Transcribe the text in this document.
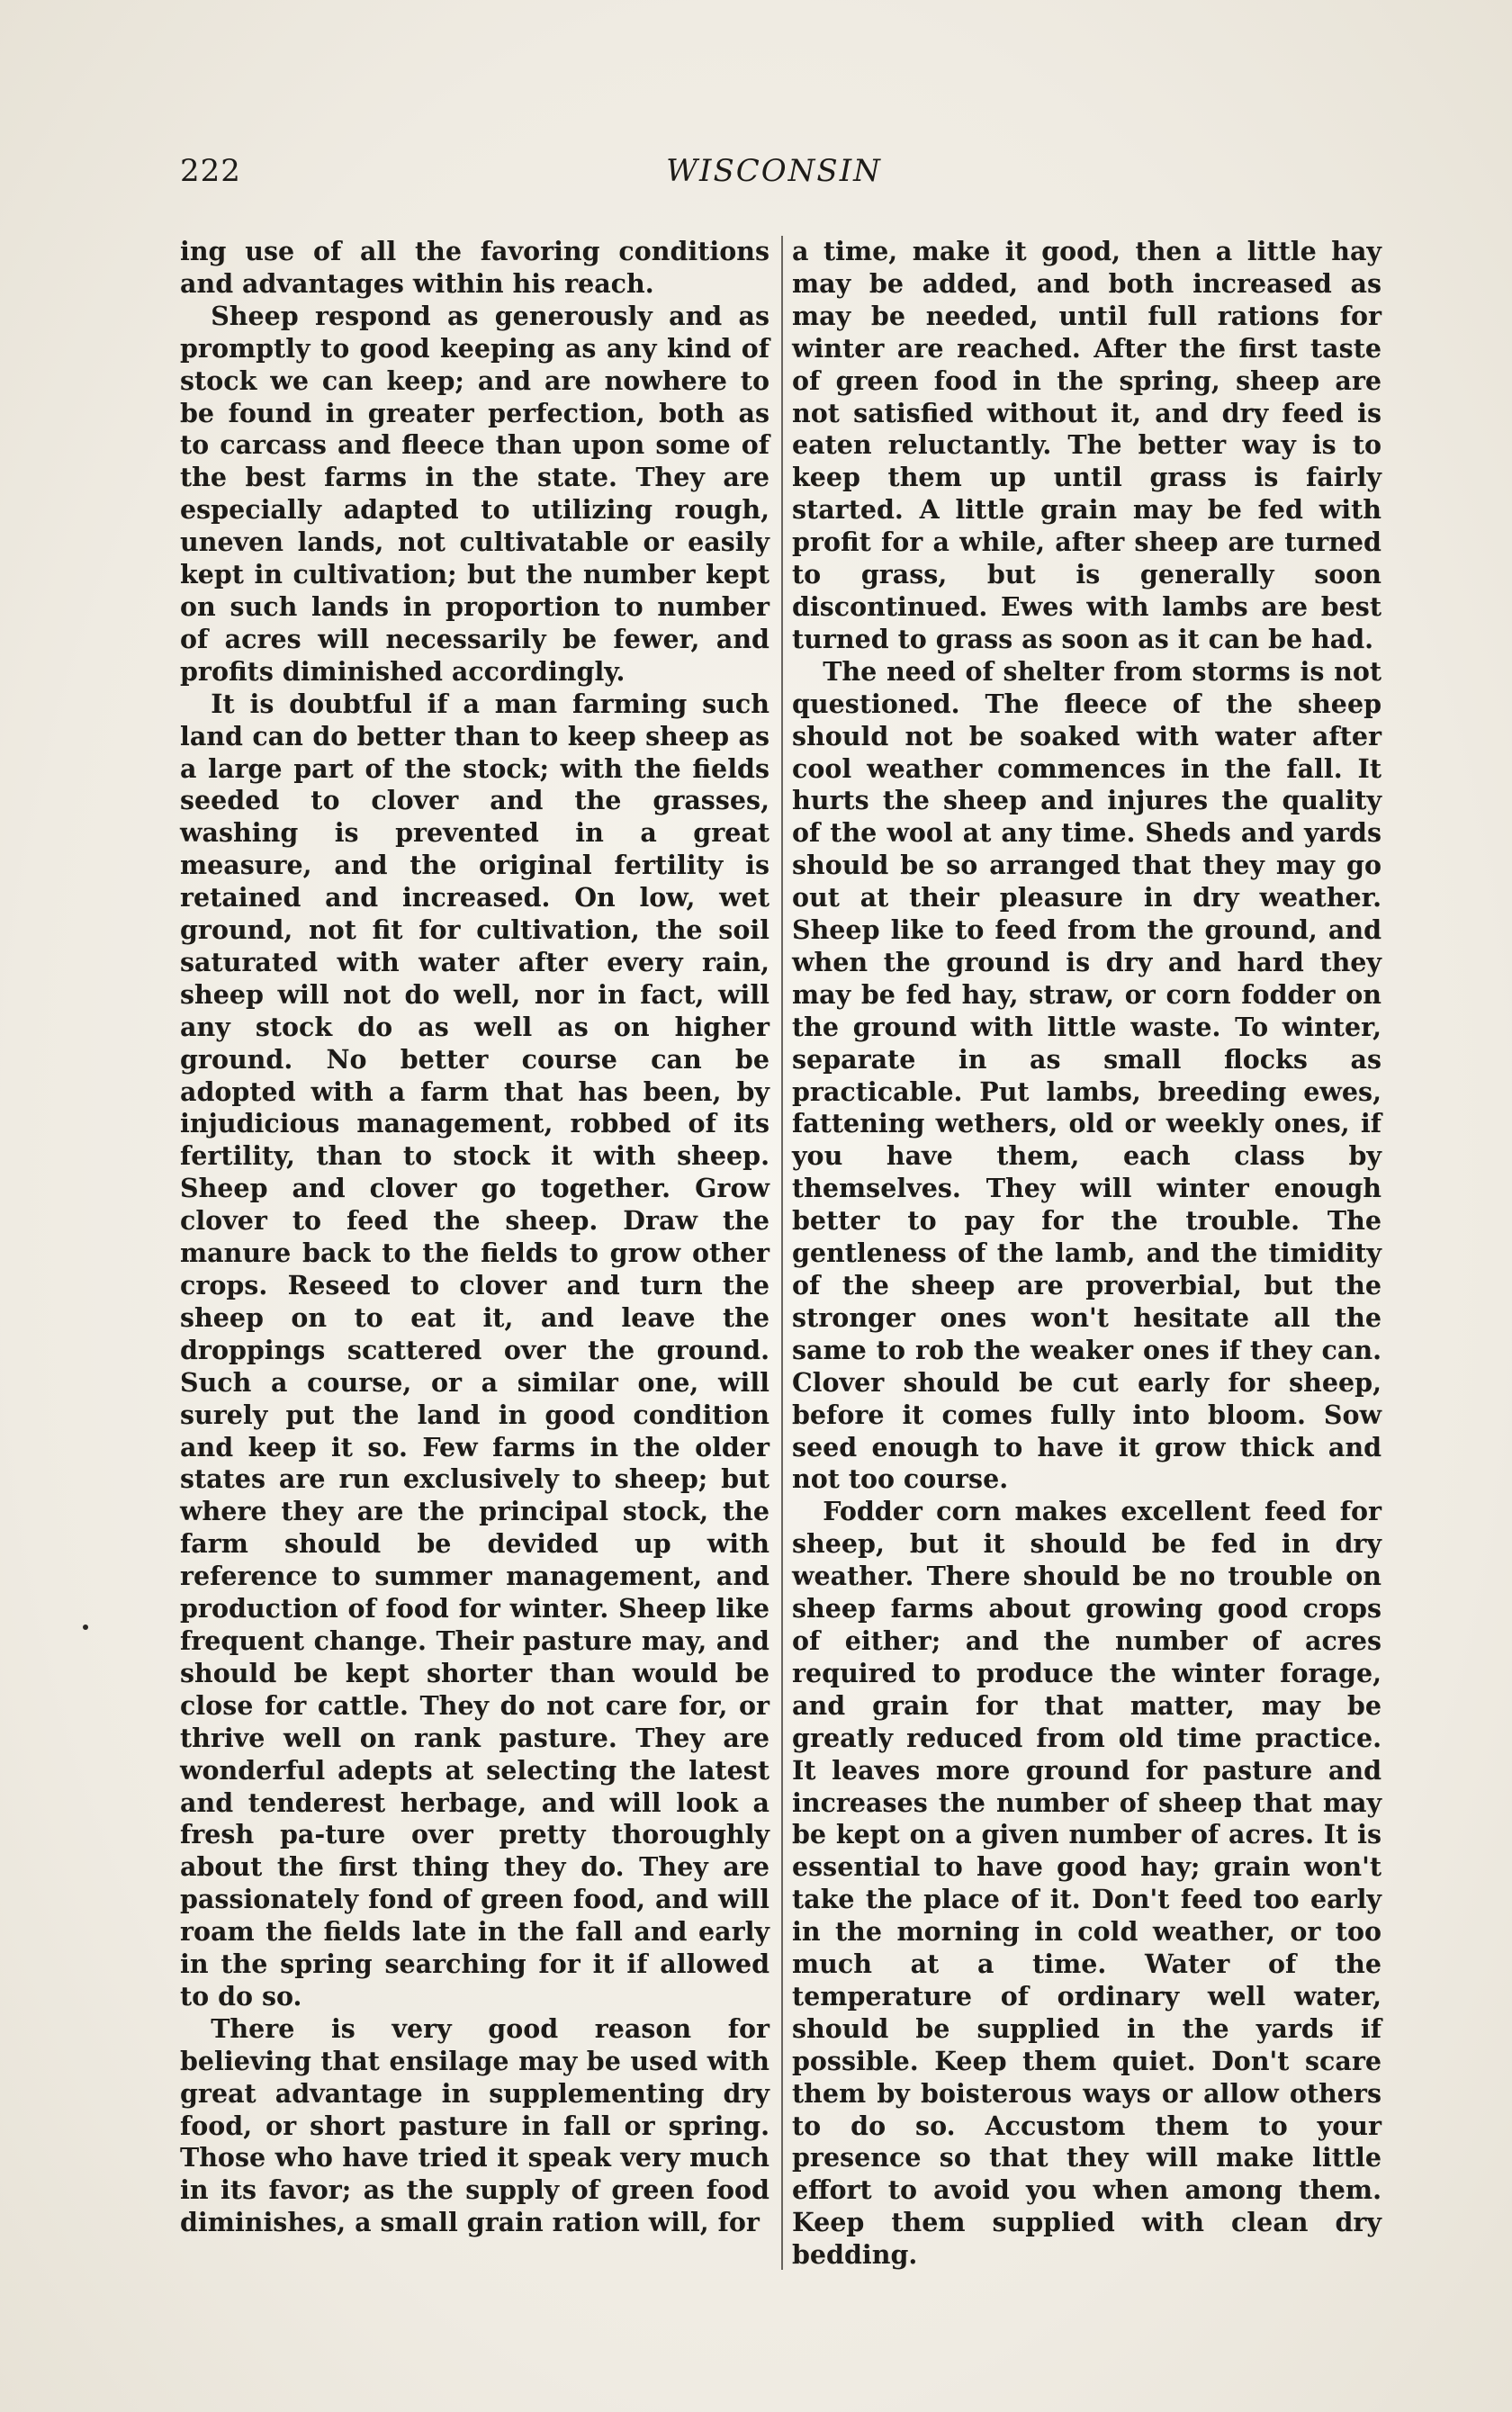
WISCONSIN
222

ing use of all the favoring conditions and advantages within his reach.

Sheep respond as generously and as promptly to good keeping as any kind of stock we can keep; and are nowhere to be found in greater perfection, both as to carcass and fleece than upon some of the best farms in the state. They are especially adapted to utilizing rough, uneven lands, not cultivatable or easily kept in cultivation; but the number kept on such lands in proportion to number of acres will necessarily be fewer, and profits diminished accordingly.

It is doubtful if a man farming such land can do better than to keep sheep as a large part of the stock; with the fields seeded to clover and the grasses, washing is prevented in a great measure, and the original fertility is retained and increased. On low, wet ground, not fit for cultivation, the soil saturated with water after every rain, sheep will not do well, nor in fact, will any stock do as well as on higher ground. No better course can be adopted with a farm that has been, by injudicious management, robbed of its fertility, than to stock it with sheep. Sheep and clover go together. Grow clover to feed the sheep. Draw the manure back to the fields to grow other crops. Reseed to clover and turn the sheep on to eat it, and leave the droppings scattered over the ground. Such a course, or a similar one, will surely put the land in good condition and keep it so. Few farms in the older states are run exclusively to sheep; but where they are the principal stock, the farm should be devided up with reference to summer management, and production of food for winter. Sheep like frequent change. Their pasture may, and should be kept shorter than would be close for cattle. They do not care for, or thrive well on rank pasture. They are wonderful adepts at selecting the latest and tenderest herbage, and will look a fresh pa-ture over pretty thoroughly about the first thing they do. They are passionately fond of green food, and will roam the fields late in the fall and early in the spring searching for it if allowed to do so.

There is very good reason for believing that ensilage may be used with great advantage in supplementing dry food, or short pasture in fall or spring. Those who have tried it speak very much in its favor; as the supply of green food diminishes, a small grain ration will, for

a time, make it good, then a little hay may be added, and both increased as may be needed, until full rations for winter are reached. After the first taste of green food in the spring, sheep are not satisfied without it, and dry feed is eaten reluctantly. The better way is to keep them up until grass is fairly started. A little grain may be fed with profit for a while, after sheep are turned to grass, but is generally soon discontinued. Ewes with lambs are best turned to grass as soon as it can be had.

The need of shelter from storms is not questioned. The fleece of the sheep should not be soaked with water after cool weather commences in the fall. It hurts the sheep and injures the quality of the wool at any time. Sheds and yards should be so arranged that they may go out at their pleasure in dry weather. Sheep like to feed from the ground, and when the ground is dry and hard they may be fed hay, straw, or corn fodder on the ground with little waste. To winter, separate in as small flocks as practicable. Put lambs, breeding ewes, fattening wethers, old or weekly ones, if you have them, each class by themselves. They will winter enough better to pay for the trouble. The gentleness of the lamb, and the timidity of the sheep are proverbial, but the stronger ones won't hesitate all the same to rob the weaker ones if they can. Clover should be cut early for sheep, before it comes fully into bloom. Sow seed enough to have it grow thick and not too course.

Fodder corn makes excellent feed for sheep, but it should be fed in dry weather. There should be no trouble on sheep farms about growing good crops of either; and the number of acres required to produce the winter forage, and grain for that matter, may be greatly reduced from old time practice. It leaves more ground for pasture and increases the number of sheep that may be kept on a given number of acres. It is essential to have good hay; grain won't take the place of it. Don't feed too early in the morning in cold weather, or too much at a time. Water of the temperature of ordinary well water, should be supplied in the yards if possible. Keep them quiet. Don't scare them by boisterous ways or allow others to do so. Accustom them to your presence so that they will make little effort to avoid you when among them. Keep them supplied with clean dry bedding.
